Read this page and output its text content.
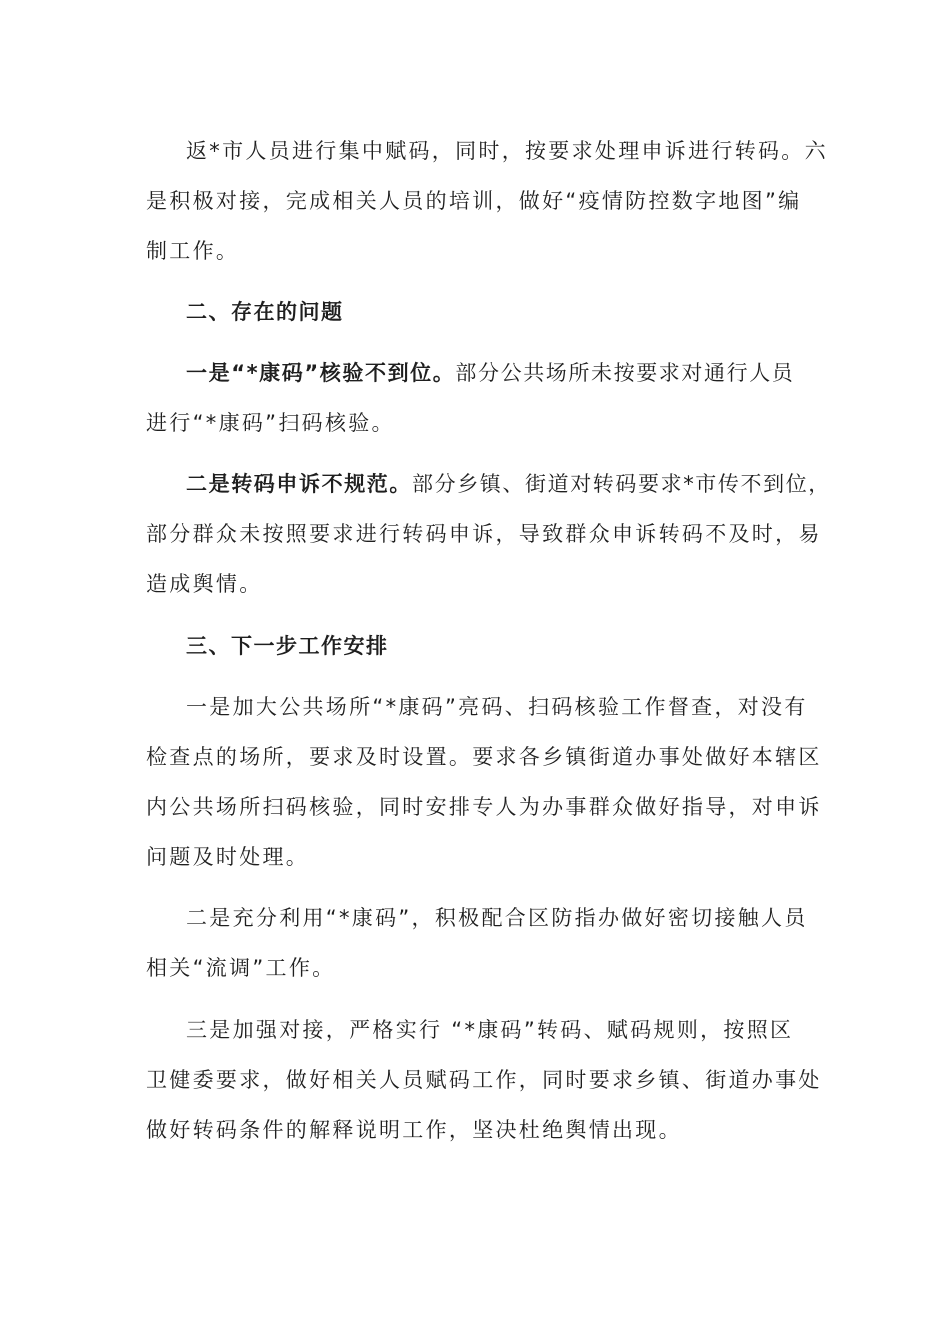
返*市人员进行集中赋码，同时，按要求处理申诉进行转码。六
是积极对接，完成相关人员的培训，做好“疫情防控数字地图”编
制工作。
二、存在的问题
一是“*康码”核验不到位。部分公共场所未按要求对通行人员
进行“*康码”扫码核验。
二是转码申诉不规范。部分乡镇、街道对转码要求*市传不到位，
部分群众未按照要求进行转码申诉，导致群众申诉转码不及时，易
造成舆情。
三、下一步工作安排
一是加大公共场所“*康码”亮码、扫码核验工作督查，对没有
检查点的场所，要求及时设置。要求各乡镇街道办事处做好本辖区
内公共场所扫码核验，同时安排专人为办事群众做好指导，对申诉
问题及时处理。
二是充分利用“*康码”，积极配合区防指办做好密切接触人员
相关“流调”工作。
三是加强对接，严格实行 “*康码”转码、赋码规则，按照区
卫健委要求，做好相关人员赋码工作，同时要求乡镇、街道办事处
做好转码条件的解释说明工作，坚决杜绝舆情出现。
